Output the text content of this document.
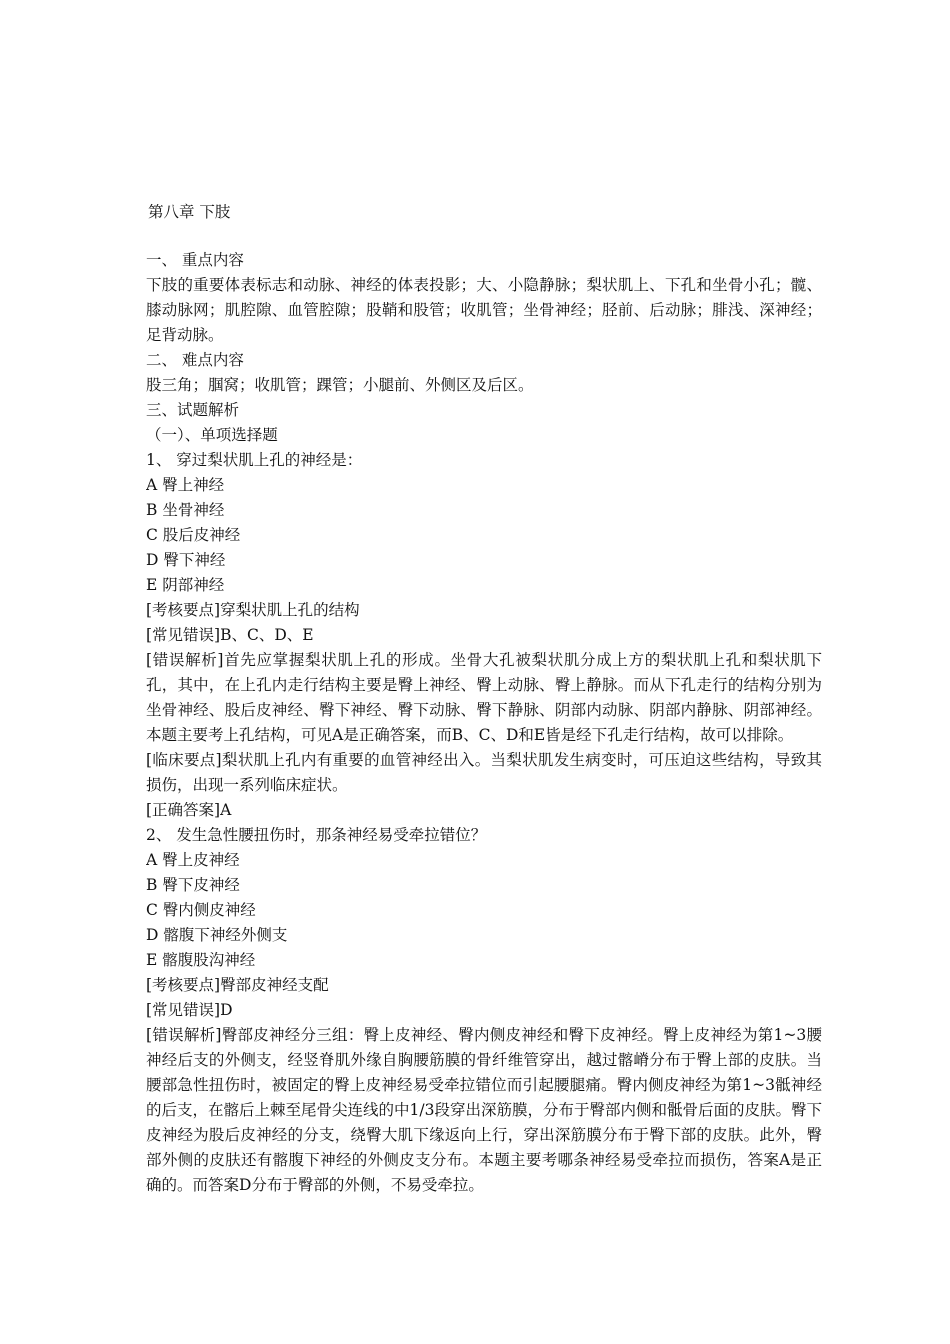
第八章 下肢
一、 重点内容
下肢的重要体表标志和动脉、神经的体表投影；大、小隐静脉；梨状肌上、下孔和坐骨小孔；髋、膝动脉网；肌腔隙、血管腔隙；股鞘和股管；收肌管；坐骨神经；胫前、后动脉；腓浅、深神经；足背动脉。
二、 难点内容
股三角；腘窝；收肌管；踝管；小腿前、外侧区及后区。
三、试题解析
（一）、单项选择题
1、 穿过梨状肌上孔的神经是：
A 臀上神经
B 坐骨神经
C 股后皮神经
D 臀下神经
E 阴部神经
[考核要点]穿梨状肌上孔的结构
[常见错误]B、C、D、E
[错误解析]首先应掌握梨状肌上孔的形成。坐骨大孔被梨状肌分成上方的梨状肌上孔和梨状肌下孔，其中，在上孔内走行结构主要是臀上神经、臀上动脉、臀上静脉。而从下孔走行的结构分别为坐骨神经、股后皮神经、臀下神经、臀下动脉、臀下静脉、阴部内动脉、阴部内静脉、阴部神经。本题主要考上孔结构，可见A是正确答案，而B、C、D和E皆是经下孔走行结构，故可以排除。
[临床要点]梨状肌上孔内有重要的血管神经出入。当梨状肌发生病变时，可压迫这些结构，导致其损伤，出现一系列临床症状。
[正确答案]A
2、 发生急性腰扭伤时，那条神经易受牵拉错位？
A 臀上皮神经
B 臀下皮神经
C 臀内侧皮神经
D 髂腹下神经外侧支
E 髂腹股沟神经
[考核要点]臀部皮神经支配
[常见错误]D
[错误解析]臀部皮神经分三组：臀上皮神经、臀内侧皮神经和臀下皮神经。臀上皮神经为第1~3腰神经后支的外侧支，经竖脊肌外缘自胸腰筋膜的骨纤维管穿出，越过髂嵴分布于臀上部的皮肤。当腰部急性扭伤时，被固定的臀上皮神经易受牵拉错位而引起腰腿痛。臀内侧皮神经为第1~3骶神经的后支，在髂后上棘至尾骨尖连线的中1/3段穿出深筋膜，分布于臀部内侧和骶骨后面的皮肤。臀下皮神经为股后皮神经的分支，绕臀大肌下缘返向上行，穿出深筋膜分布于臀下部的皮肤。此外，臀部外侧的皮肤还有髂腹下神经的外侧皮支分布。本题主要考哪条神经易受牵拉而损伤，答案A是正确的。而答案D分布于臀部的外侧，不易受牵拉。
